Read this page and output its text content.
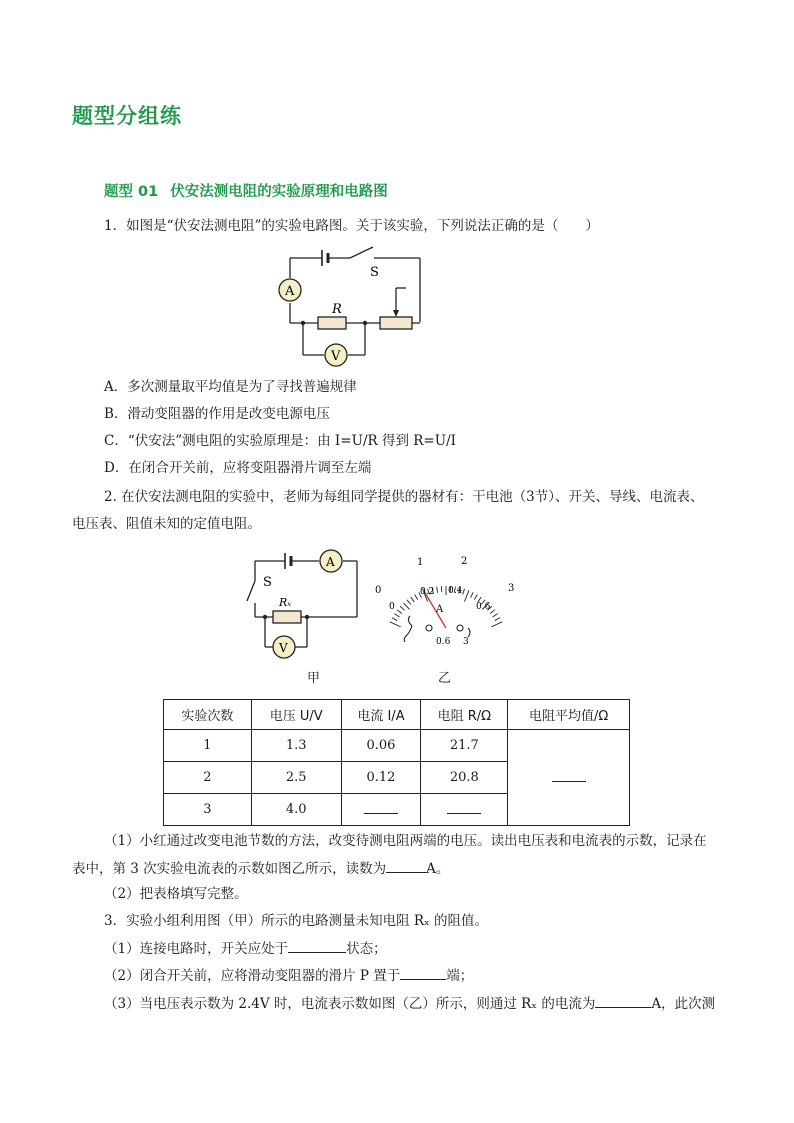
题型分组练
题型 01 伏安法测电阻的实验原理和电路图
1．如图是“伏安法测电阻”的实验电路图。关于该实验，下列说法正确的是（　　）
A
V
S
R
A．多次测量取平均值是为了寻找普遍规律
B．滑动变阻器的作用是改变电源电压
C．“伏安法”测电阻的实验原理是：由 I=U/R 得到 R=U/I
D．在闭合开关前，应将变阻器滑片调至左端
2. 在伏安法测电阻的实验中，老师为每组同学提供的器材有：干电池（3节）、开关、导线、电流表、
电压表、阻值未知的定值电阻。
A
V
S
Rₓ
0
1	2
3
0
0.2 0.4
0.6
A
0.6 3
甲	乙
实验次数	电压 U/V	电流 I/A	电阻 R/Ω	电阻平均值/Ω
1	1.3	0.06	21.7	
2	2.5	0.12	20.8	
3	4.0			
（1）小红通过改变电池节数的方法，改变待测电阻两端的电压。读出电压表和电流表的示数，记录在
表中，第 3 次实验电流表的示数如图乙所示，读数为	A。
（2）把表格填写完整。
3．实验小组利用图（甲）所示的电路测量未知电阻 Rₓ 的阻值。
（1）连接电路时，开关应处于	状态；
（2）闭合开关前，应将滑动变阻器的滑片 P 置于	端；
（3）当电压表示数为 2.4V 时，电流表示数如图（乙）所示，则通过 Rₓ 的电流为	A，此次测
